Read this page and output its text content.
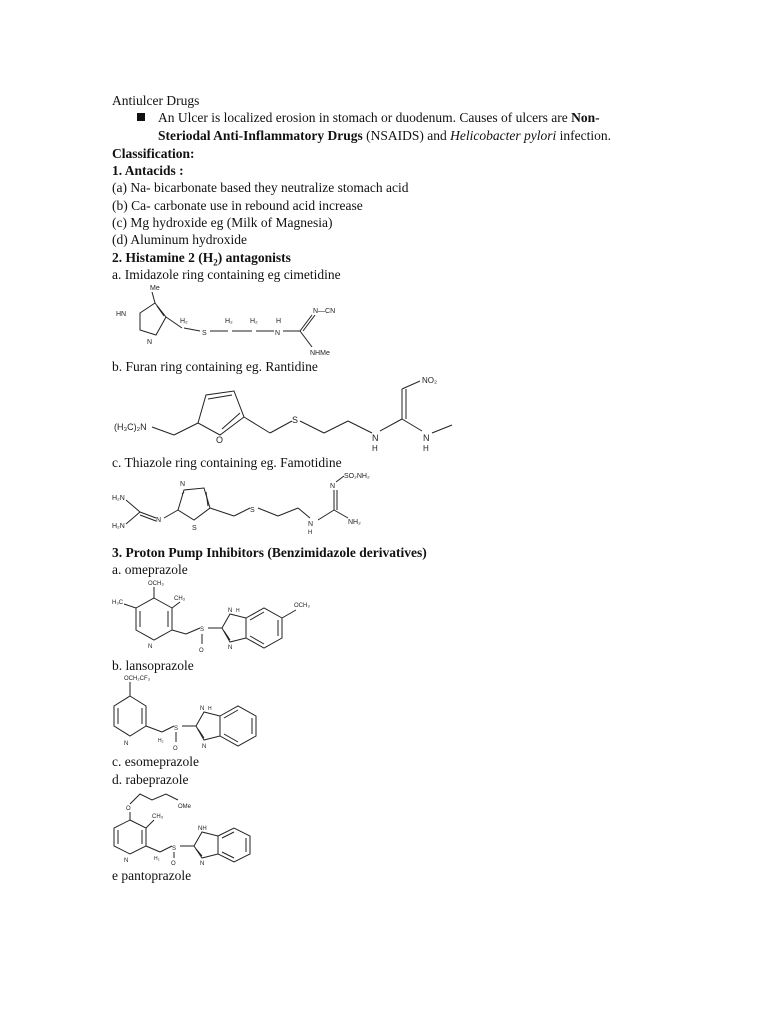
Antiulcer Drugs
An Ulcer is localized erosion in stomach or duodenum. Causes of ulcers are Non-
Steriodal Anti-Inflammatory Drugs (NSAIDS) and Helicobacter pylori infection.
Classification:
1. Antacids :
(a) Na- bicarbonate based they neutralize stomach acid
(b) Ca- carbonate use in rebound acid increase
(c) Mg hydroxide eg (Milk of Magnesia)
(d) Aluminum hydroxide
2. Histamine 2 $(H_2)$ antagonists
a. Imidazole ring containing eg cimetidine
Me
HN
N
H₂
S
H₂ H₂	H
N
N—CN
NHMe
b. Furan ring containing eg. Rantidine
(H₃C)₂N
O
S
N
H
NO₂
N
H
c. Thiazole ring containing eg. Famotidine
H₂N
H₂N
N
N
S
S
N
H
N
SO₂NH₂
NH₂
3. Proton Pump Inhibitors (Benzimidazole derivatives)
a. omeprazole
OCH₃
H₃C
CH₃
N
S
O
N H
N
OCH₃
b. lansoprazole
OCH₂CF₃
N	H₂
S
O
N H
N
c. esomeprazole
d. rabeprazole
O	OMe
CH₃
N	H₂
S
O
NH
N
e pantoprazole
